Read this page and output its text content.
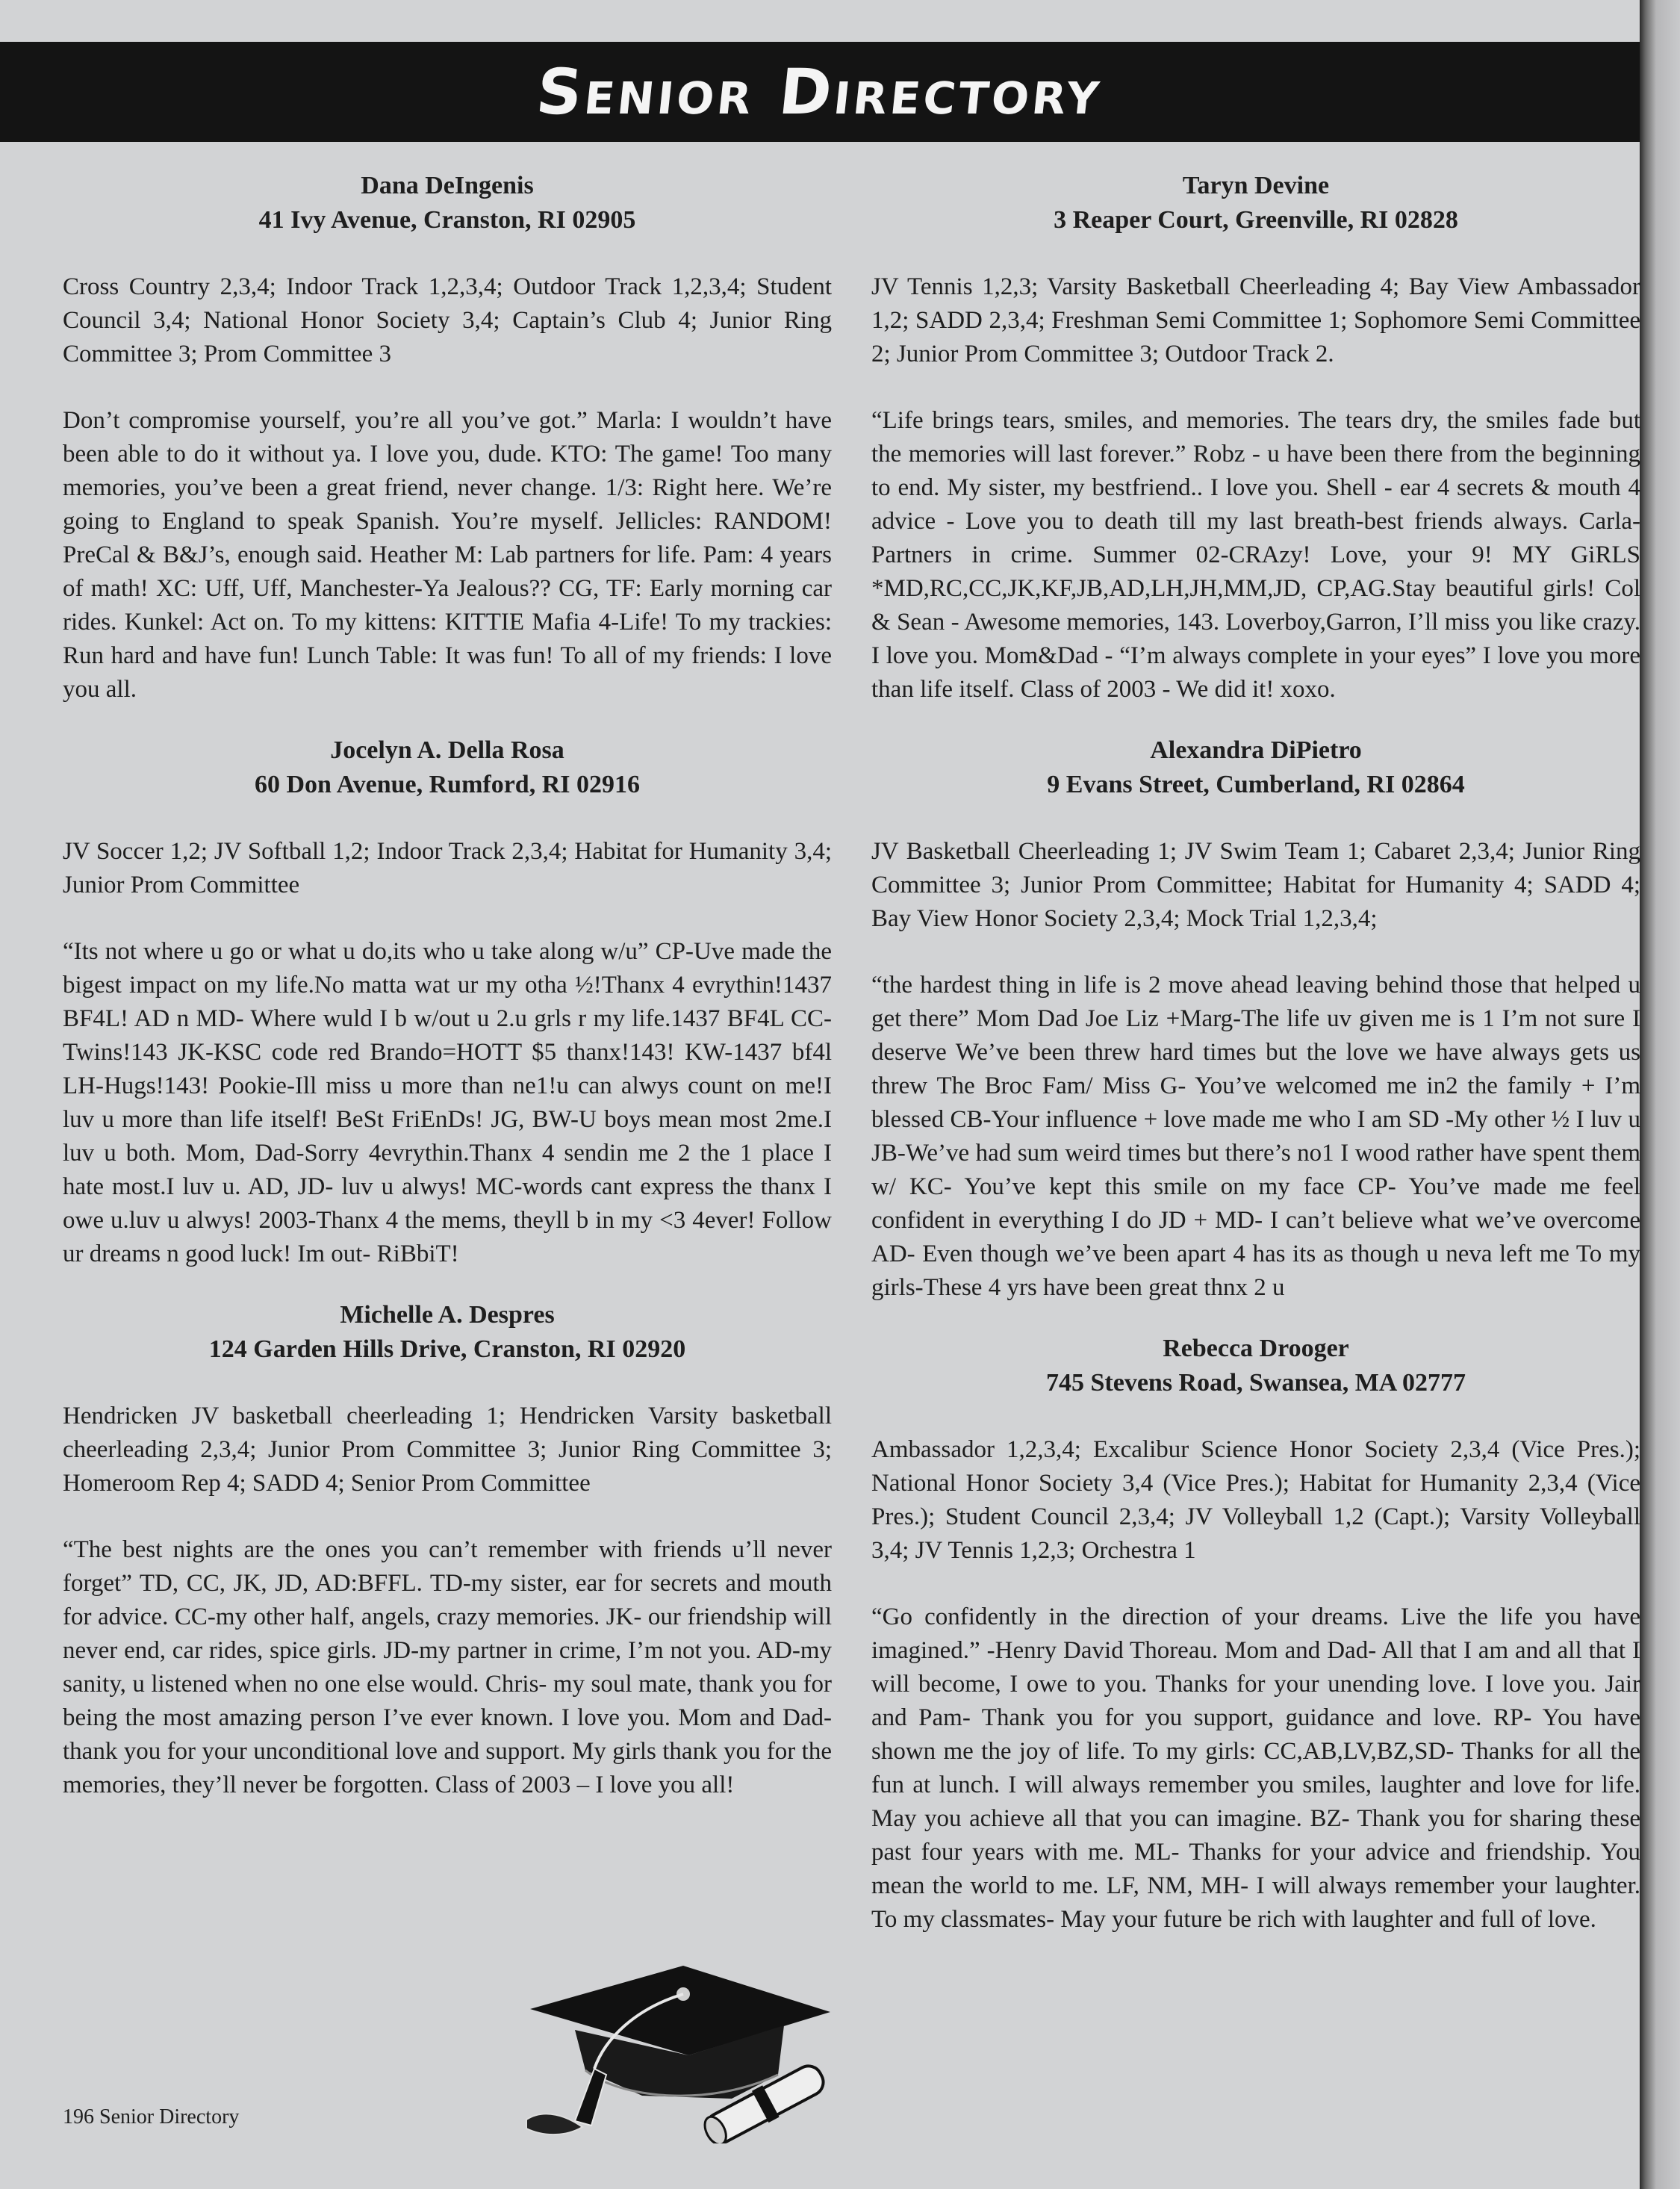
Senior Directory
Dana DeIngenis
41 Ivy Avenue, Cranston, RI 02905

Cross Country 2,3,4; Indoor Track 1,2,3,4; Outdoor Track 1,2,3,4; Student Council 3,4; National Honor Society 3,4; Captain’s Club 4; Junior Ring Committee 3; Prom Committee 3

Don’t compromise yourself, you’re all you’ve got.” Marla: I wouldn’t have been able to do it without ya. I love you, dude. KTO: The game! Too many memories, you’ve been a great friend, never change. 1/3: Right here. We’re going to England to speak Spanish. You’re myself. Jellicles: RANDOM! PreCal & B&J’s, enough said. Heather M: Lab partners for life. Pam: 4 years of math! XC: Uff, Uff, Manchester-Ya Jealous?? CG, TF: Early morning car rides. Kunkel: Act on. To my kittens: KITTIE Mafia 4-Life! To my trackies: Run hard and have fun! Lunch Table: It was fun! To all of my friends: I love you all.

Jocelyn A. Della Rosa
60 Don Avenue, Rumford, RI 02916

JV Soccer 1,2; JV Softball 1,2; Indoor Track 2,3,4; Habitat for Humanity 3,4; Junior Prom Committee

“Its not where u go or what u do,its who u take along w/u” CP-Uve made the bigest impact on my life.No matta wat ur my otha ½!Thanx 4 evrythin!1437 BF4L! AD n MD- Where wuld I b w/out u 2.u grls r my life.1437 BF4L CC-Twins!143 JK-KSC code red Brando=HOTT $5 thanx!143! KW-1437 bf4l LH-Hugs!143! Pookie-Ill miss u more than ne1!u can alwys count on me!I luv u more than life itself! BeSt FriEnDs! JG, BW-U boys mean most 2me.I luv u both. Mom, Dad-Sorry 4evrythin.Thanx 4 sendin me 2 the 1 place I hate most.I luv u. AD, JD- luv u alwys! MC-words cant express the thanx I owe u.luv u alwys! 2003-Thanx 4 the mems, theyll b in my <3 4ever! Follow ur dreams n good luck! Im out- RiBbiT!

Michelle A. Despres
124 Garden Hills Drive, Cranston, RI 02920

Hendricken JV basketball cheerleading 1; Hendricken Varsity basketball cheerleading 2,3,4; Junior Prom Committee 3; Junior Ring Committee 3; Homeroom Rep 4; SADD 4; Senior Prom Committee

“The best nights are the ones you can’t remember with friends u’ll never forget” TD, CC, JK, JD, AD:BFFL. TD-my sister, ear for secrets and mouth for advice. CC-my other half, angels, crazy memories. JK- our friendship will never end, car rides, spice girls. JD-my partner in crime, I’m not you. AD-my sanity, u listened when no one else would. Chris- my soul mate, thank you for being the most amazing person I’ve ever known. I love you. Mom and Dad- thank you for your unconditional love and support. My girls thank you for the memories, they’ll never be forgotten. Class of 2003 – I love you all!

Taryn Devine
3 Reaper Court, Greenville, RI 02828

JV Tennis 1,2,3; Varsity Basketball Cheerleading 4; Bay View Ambassador 1,2; SADD 2,3,4; Freshman Semi Committee 1; Sophomore Semi Committee 2; Junior Prom Committee 3; Outdoor Track 2.

“Life brings tears, smiles, and memories. The tears dry, the smiles fade but the memories will last forever.” Robz - u have been there from the beginning to end. My sister, my bestfriend.. I love you. Shell - ear 4 secrets & mouth 4 advice - Love you to death till my last breath-best friends always. Carla-Partners in crime. Summer 02-CRAzy! Love, your 9! MY GiRLS *MD,RC,CC,JK,KF,JB,AD,LH,JH,MM,JD, CP,AG.Stay beautiful girls! Col & Sean - Awesome memories, 143. Loverboy,Garron, I’ll miss you like crazy. I love you. Mom&Dad - “I’m always complete in your eyes” I love you more than life itself. Class of 2003 - We did it! xoxo.

Alexandra DiPietro
9 Evans Street, Cumberland, RI 02864

JV Basketball Cheerleading 1; JV Swim Team 1; Cabaret 2,3,4; Junior Ring Committee 3; Junior Prom Committee; Habitat for Humanity 4; SADD 4; Bay View Honor Society 2,3,4; Mock Trial 1,2,3,4;

“the hardest thing in life is 2 move ahead leaving behind those that helped u get there” Mom Dad Joe Liz +Marg-The life uv given me is 1 I’m not sure I deserve We’ve been threw hard times but the love we have always gets us threw The Broc Fam/ Miss G- You’ve welcomed me in2 the family + I’m blessed CB-Your influence + love made me who I am SD -My other ½ I luv u JB-We’ve had sum weird times but there’s no1 I wood rather have spent them w/ KC- You’ve kept this smile on my face CP- You’ve made me feel confident in everything I do JD + MD- I can’t believe what we’ve overcome AD- Even though we’ve been apart 4 has its as though u neva left me To my girls-These 4 yrs have been great thnx 2 u

Rebecca Drooger
745 Stevens Road, Swansea, MA 02777

Ambassador 1,2,3,4; Excalibur Science Honor Society 2,3,4 (Vice Pres.); National Honor Society 3,4 (Vice Pres.); Habitat for Humanity 2,3,4 (Vice Pres.); Student Council 2,3,4; JV Volleyball 1,2 (Capt.); Varsity Volleyball 3,4; JV Tennis 1,2,3; Orchestra 1

“Go confidently in the direction of your dreams. Live the life you have imagined.” -Henry David Thoreau. Mom and Dad- All that I am and all that I will become, I owe to you. Thanks for your unending love. I love you. Jair and Pam- Thank you for you support, guidance and love. RP- You have shown me the joy of life. To my girls: CC,AB,LV,BZ,SD- Thanks for all the fun at lunch. I will always remember you smiles, laughter and love for life. May you achieve all that you can imagine. BZ- Thank you for sharing these past four years with me. ML- Thanks for your advice and friendship. You mean the world to me. LF, NM, MH- I will always remember your laughter. To my classmates- May your future be rich with laughter and full of love.

196 Senior Directory
